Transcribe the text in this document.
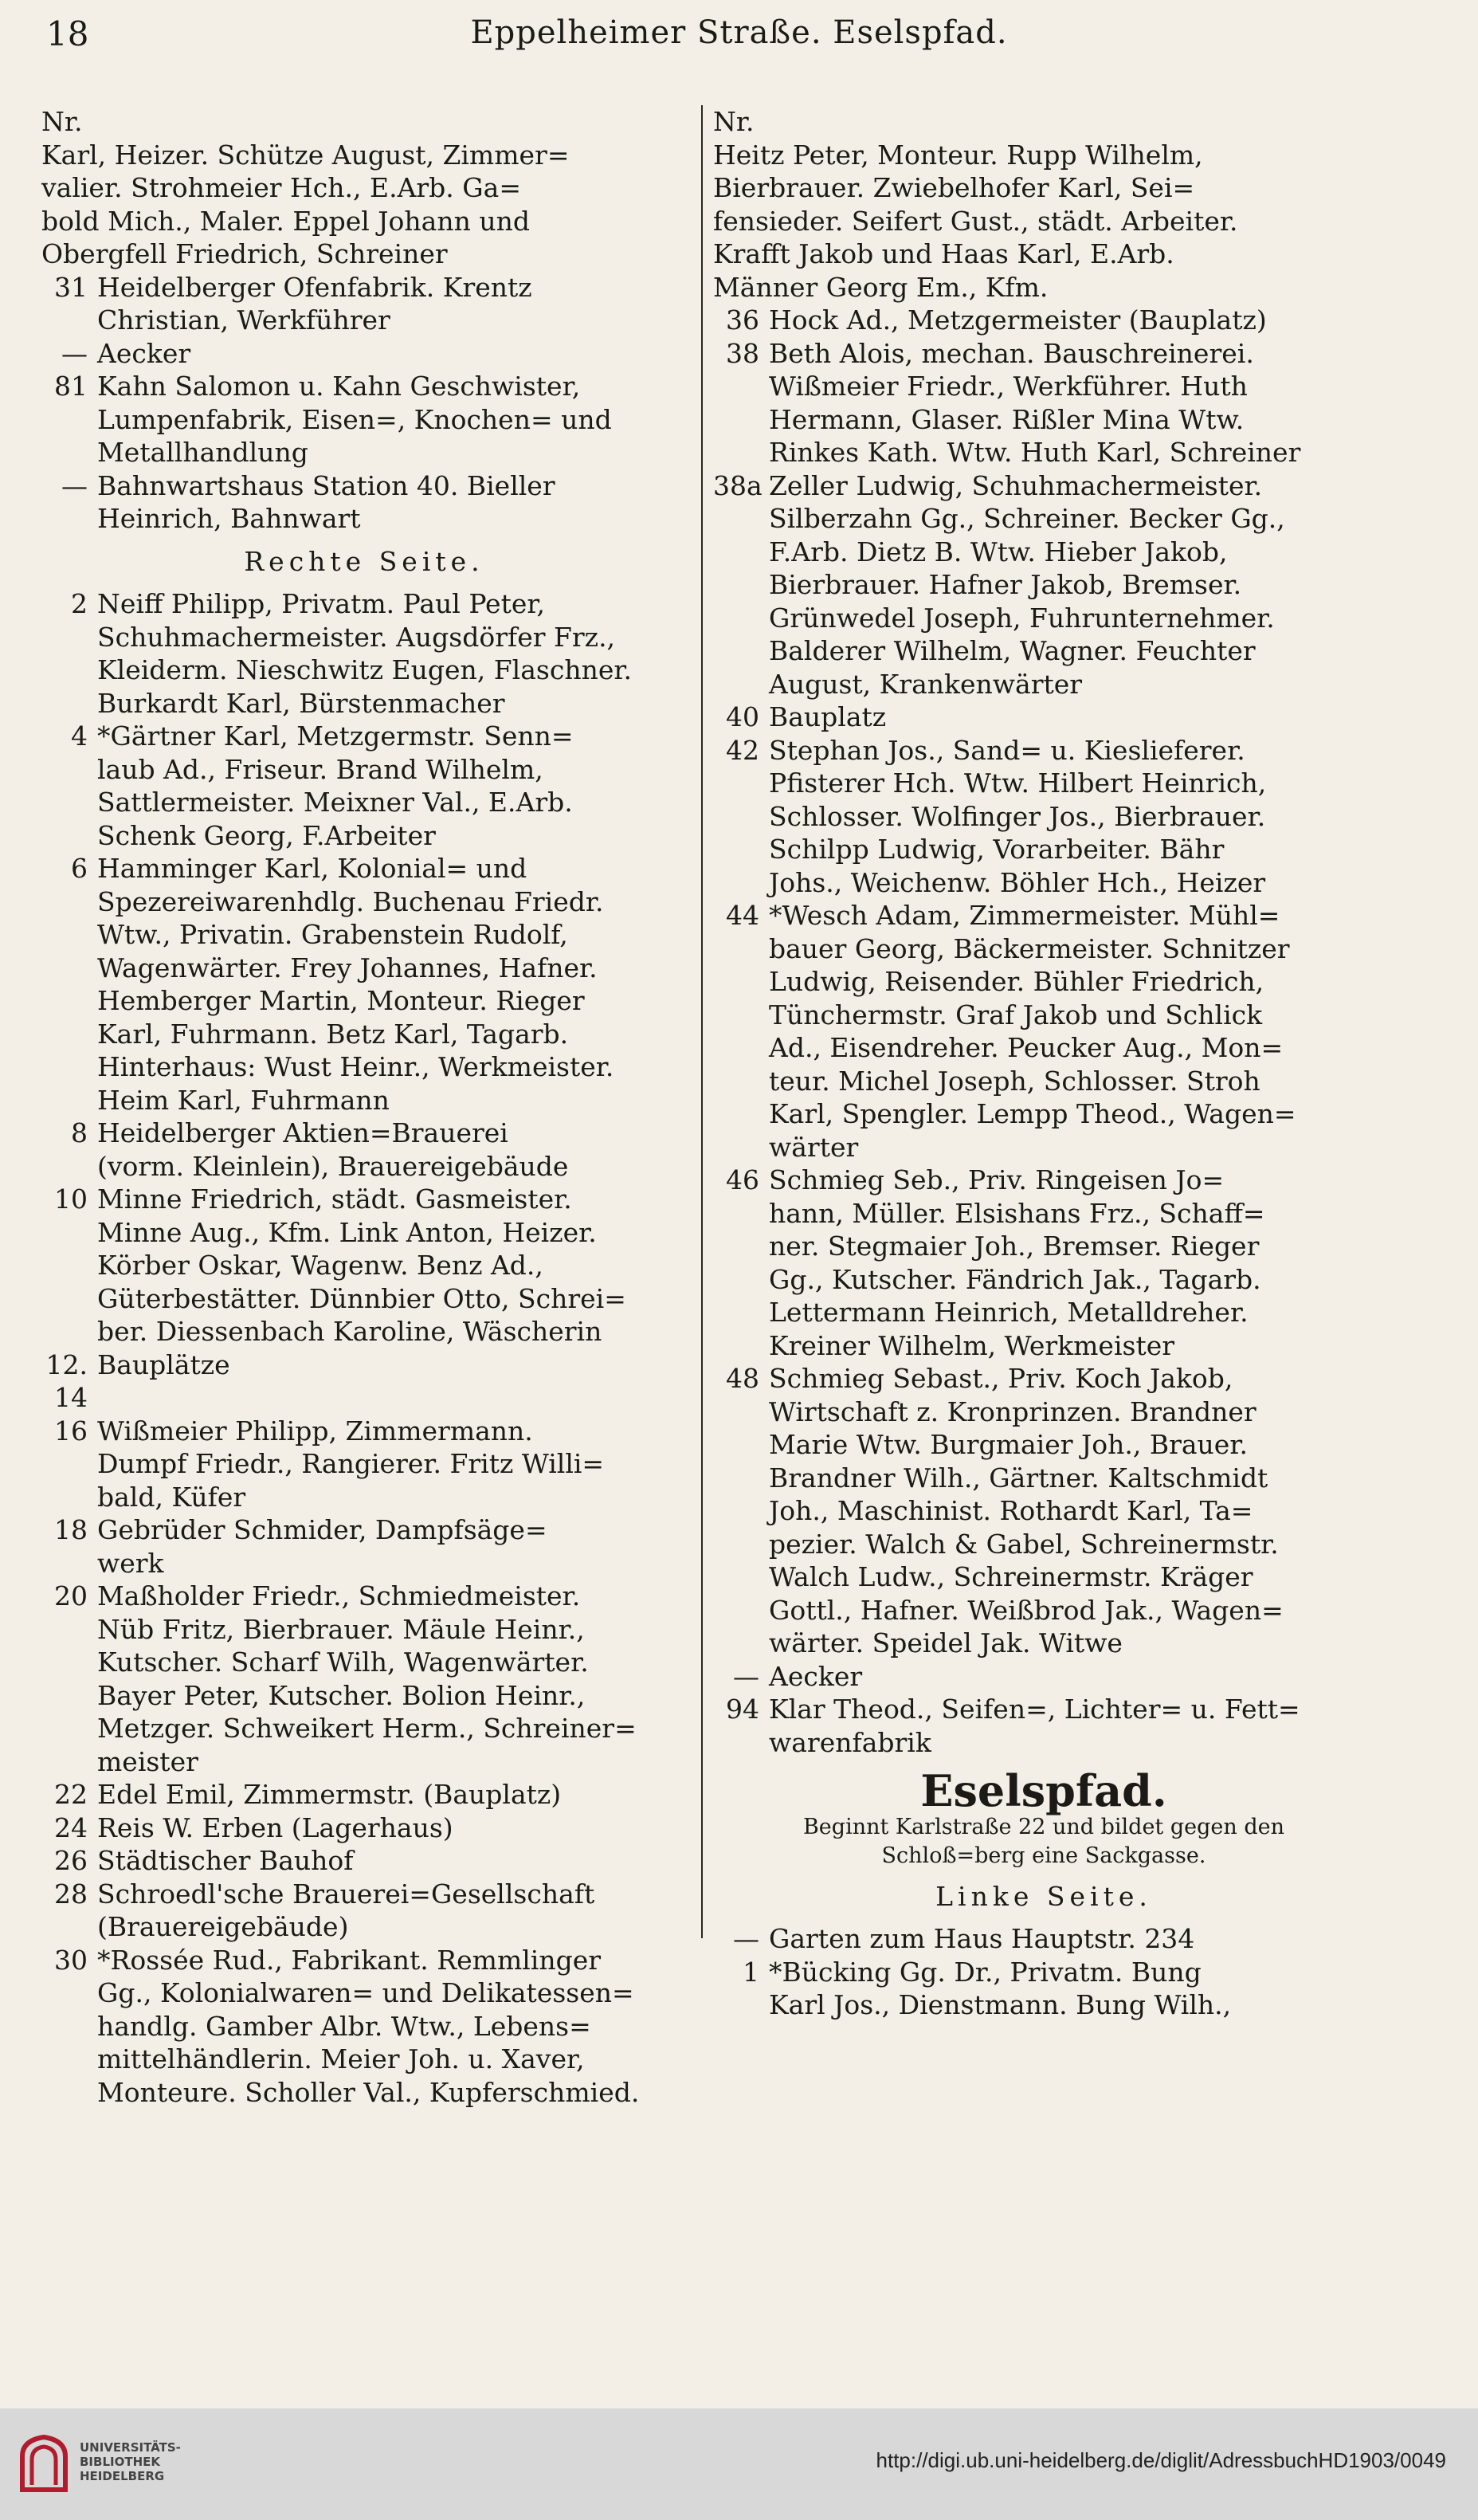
18	Eppelheimer Straße. Eselspfad.

Nr.

Karl, Heizer. Schütze August, Zimmer=

valier. Strohmeier Hch., E.Arb. Ga=

bold Mich., Maler. Eppel Johann und

Obergfell Friedrich, Schreiner

31 Heidelberger Ofenfabrik. Krentz

Christian, Werkführer

— Aecker

81 Kahn Salomon u. Kahn Geschwister,

Lumpenfabrik, Eisen=, Knochen= und

Metallhandlung

— Bahnwartshaus Station 40. Bieller

Heinrich, Bahnwart

Rechte Seite.

2 Neiff Philipp, Privatm. Paul Peter,

Schuhmachermeister. Augsdörfer Frz.,

Kleiderm. Nieschwitz Eugen, Flaschner.

Burkardt Karl, Bürstenmacher

4 *Gärtner Karl, Metzgermstr. Senn=

laub Ad., Friseur. Brand Wilhelm,

Sattlermeister. Meixner Val., E.Arb.

Schenk Georg, F.Arbeiter

6 Hamminger Karl, Kolonial= und

Spezereiwarenhdlg. Buchenau Friedr.

Wtw., Privatin. Grabenstein Rudolf,

Wagenwärter. Frey Johannes, Hafner.

Hemberger Martin, Monteur. Rieger

Karl, Fuhrmann. Betz Karl, Tagarb.

Hinterhaus: Wust Heinr., Werkmeister.

Heim Karl, Fuhrmann

8 Heidelberger Aktien=Brauerei

(vorm. Kleinlein), Brauereigebäude

10 Minne Friedrich, städt. Gasmeister.

Minne Aug., Kfm. Link Anton, Heizer.

Körber Oskar, Wagenw. Benz Ad.,

Güterbestätter. Dünnbier Otto, Schrei=

ber. Diessenbach Karoline, Wäscherin

12. 14

Bauplätze

16 Wißmeier Philipp, Zimmermann.

Dumpf Friedr., Rangierer. Fritz Willi=

bald, Küfer

18 Gebrüder Schmider, Dampfsäge=

werk

20 Maßholder Friedr., Schmiedmeister.

Nüb Fritz, Bierbrauer. Mäule Heinr.,

Kutscher. Scharf Wilh, Wagenwärter.

Bayer Peter, Kutscher. Bolion Heinr.,

Metzger. Schweikert Herm., Schreiner=

meister

22 Edel Emil, Zimmermstr. (Bauplatz)

24 Reis W. Erben (Lagerhaus)

26 Städtischer Bauhof

28 Schroedl'sche Brauerei=Gesellschaft

(Brauereigebäude)

30 *Rossée Rud., Fabrikant. Remmlinger

Gg., Kolonialwaren= und Delikatessen=

handlg. Gamber Albr. Wtw., Lebens=

mittelhändlerin. Meier Joh. u. Xaver,

Monteure. Scholler Val., Kupferschmied.

Nr.

Heitz Peter, Monteur. Rupp Wilhelm,

Bierbrauer. Zwiebelhofer Karl, Sei=

fensieder. Seifert Gust., städt. Arbeiter.

Krafft Jakob und Haas Karl, E.Arb.

Männer Georg Em., Kfm.

36 Hock Ad., Metzgermeister (Bauplatz)

38 Beth Alois, mechan. Bauschreinerei.

Wißmeier Friedr., Werkführer. Huth

Hermann, Glaser. Rißler Mina Wtw.

Rinkes Kath. Wtw. Huth Karl, Schreiner

38a Zeller Ludwig, Schuhmachermeister.

Silberzahn Gg., Schreiner. Becker Gg.,

F.Arb. Dietz B. Wtw. Hieber Jakob,

Bierbrauer. Hafner Jakob, Bremser.

Grünwedel Joseph, Fuhrunternehmer.

Balderer Wilhelm, Wagner. Feuchter

August, Krankenwärter

40 Bauplatz

42 Stephan Jos., Sand= u. Kieslieferer.

Pfisterer Hch. Wtw. Hilbert Heinrich,

Schlosser. Wolfinger Jos., Bierbrauer.

Schilpp Ludwig, Vorarbeiter. Bähr

Johs., Weichenw. Böhler Hch., Heizer

44 *Wesch Adam, Zimmermeister. Mühl=

bauer Georg, Bäckermeister. Schnitzer

Ludwig, Reisender. Bühler Friedrich,

Tünchermstr. Graf Jakob und Schlick

Ad., Eisendreher. Peucker Aug., Mon=

teur. Michel Joseph, Schlosser. Stroh

Karl, Spengler. Lempp Theod., Wagen=

wärter

46 Schmieg Seb., Priv. Ringeisen Jo=

hann, Müller. Elsishans Frz., Schaff=

ner. Stegmaier Joh., Bremser. Rieger

Gg., Kutscher. Fändrich Jak., Tagarb.

Lettermann Heinrich, Metalldreher.

Kreiner Wilhelm, Werkmeister

48 Schmieg Sebast., Priv. Koch Jakob,

Wirtschaft z. Kronprinzen. Brandner

Marie Wtw. Burgmaier Joh., Brauer.

Brandner Wilh., Gärtner. Kaltschmidt

Joh., Maschinist. Rothardt Karl, Ta=

pezier. Walch & Gabel, Schreinermstr.

Walch Ludw., Schreinermstr. Kräger

Gottl., Hafner. Weißbrod Jak., Wagen=

wärter. Speidel Jak. Witwe

— Aecker

94 Klar Theod., Seifen=, Lichter= u. Fett=

warenfabrik

Eselspfad.

Beginnt Karlstraße 22 und bildet gegen den Schloß=berg eine Sackgasse.

Linke Seite.

— Garten zum Haus Hauptstr. 234

1 *Bücking Gg. Dr., Privatm. Bung

Karl Jos., Dienstmann. Bung Wilh.,

UNIVERSITÄTS-
BIBLIOTHEK
HEIDELBERG
http://digi.ub.uni-heidelberg.de/diglit/AdressbuchHD1903/0049
